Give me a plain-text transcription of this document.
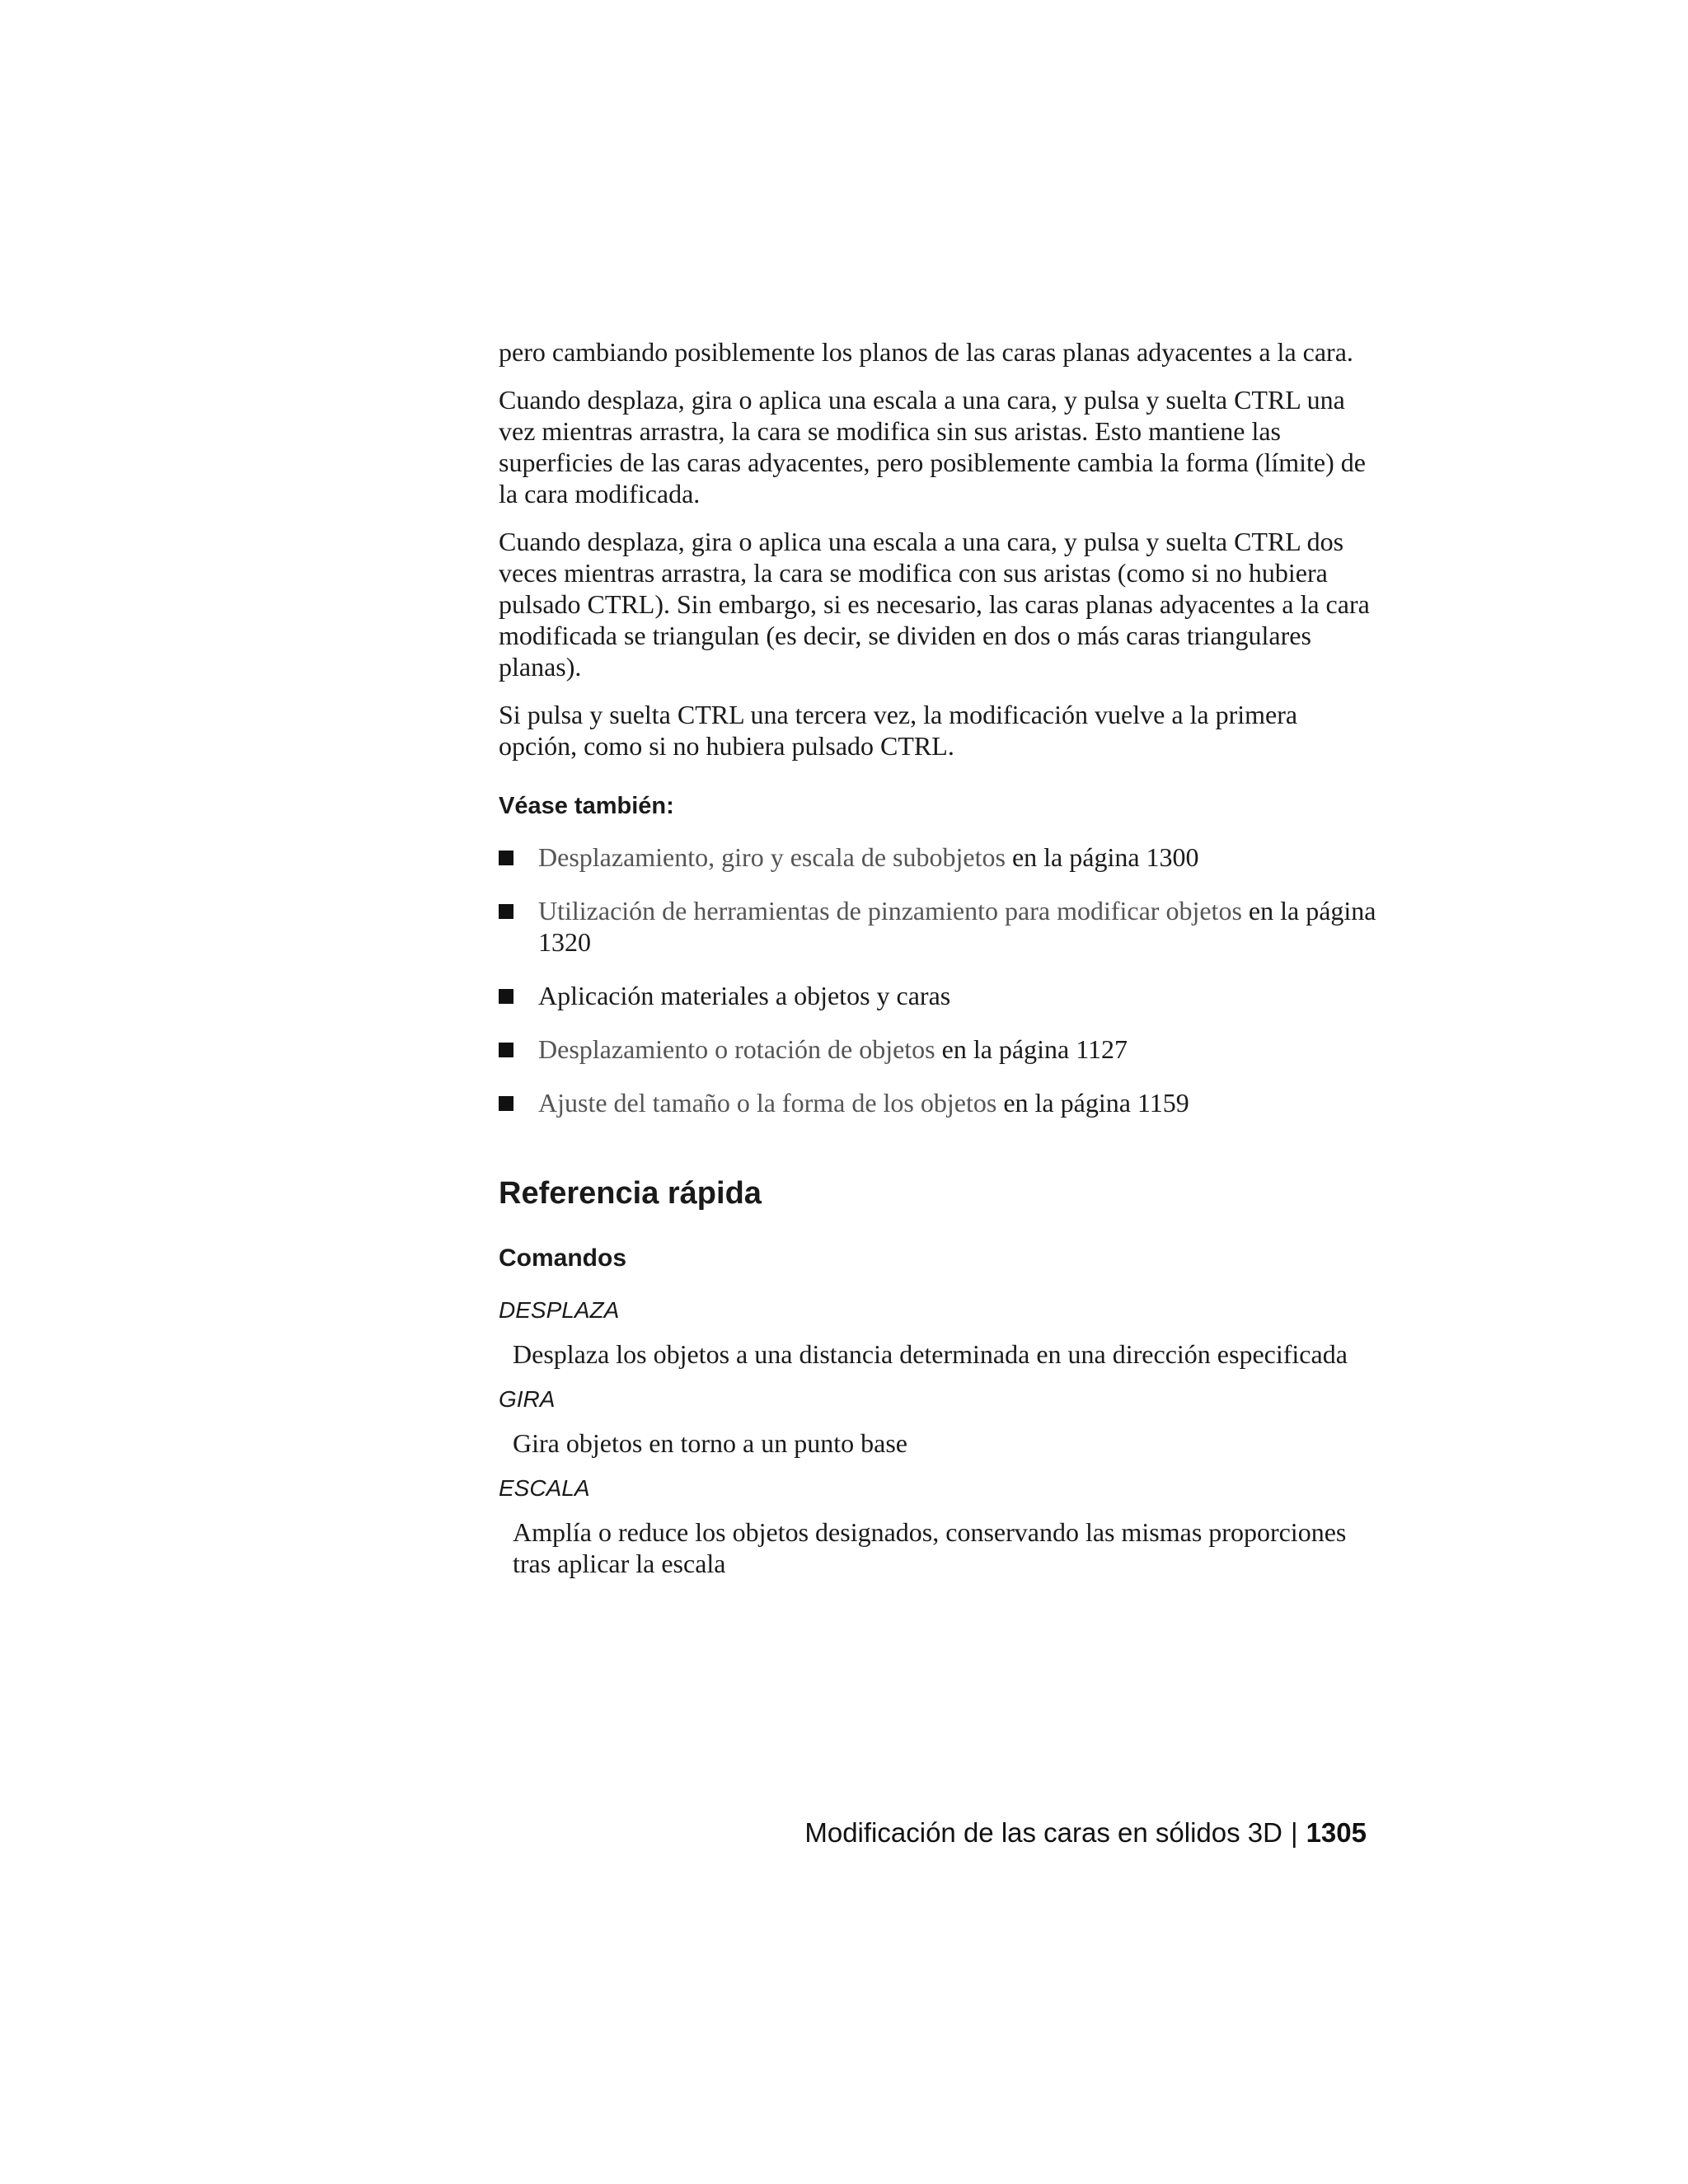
pero cambiando posiblemente los planos de las caras planas adyacentes a la cara.

Cuando desplaza, gira o aplica una escala a una cara, y pulsa y suelta CTRL una vez mientras arrastra, la cara se modifica sin sus aristas. Esto mantiene las superficies de las caras adyacentes, pero posiblemente cambia la forma (límite) de la cara modificada.

Cuando desplaza, gira o aplica una escala a una cara, y pulsa y suelta CTRL dos veces mientras arrastra, la cara se modifica con sus aristas (como si no hubiera pulsado CTRL). Sin embargo, si es necesario, las caras planas adyacentes a la cara modificada se triangulan (es decir, se dividen en dos o más caras triangulares planas).

Si pulsa y suelta CTRL una tercera vez, la modificación vuelve a la primera opción, como si no hubiera pulsado CTRL.

Véase también:
Desplazamiento, giro y escala de subobjetos en la página 1300
Utilización de herramientas de pinzamiento para modificar objetos en la página 1320
Aplicación materiales a objetos y caras
Desplazamiento o rotación de objetos en la página 1127
Ajuste del tamaño o la forma de los objetos en la página 1159
Referencia rápida
Comandos
DESPLAZA

Desplaza los objetos a una distancia determinada en una dirección especificada

GIRA

Gira objetos en torno a un punto base

ESCALA

Amplía o reduce los objetos designados, conservando las mismas proporciones tras aplicar la escala

Modificación de las caras en sólidos 3D | 1305
